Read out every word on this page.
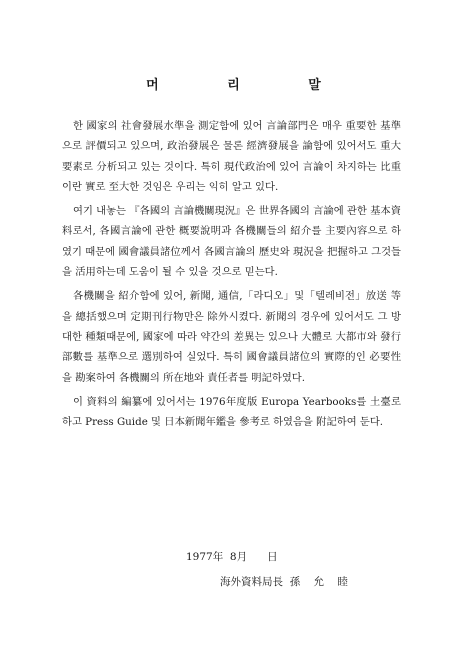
머 리 말

한 國家의 社會發展水準을 測定함에 있어 言論部門은 매우 重要한 基準으로 評價되고 있으며, 政治發展은 물론 經濟發展을 論함에 있어서도 重大要素로 分析되고 있는 것이다. 특히 現代政治에 있어 言論이 차지하는 比重이란 實로 至大한 것임은 우리는 익히 알고 있다.

여기 내놓는 『各國의 言論機關現況』은 世界各國의 言論에 관한 基本資料로서, 各國言論에 관한 概要說明과 各機關들의 紹介를 主要內容으로 하였기 때문에 國會議員諸位께서 各國言論의 歷史와 現況을 把握하고 그것들을 活用하는데 도움이 될 수 있을 것으로 믿는다.

各機關을 紹介함에 있어, 新聞, 通信,「라디오」및「텔레비전」放送 等을 總括했으며 定期刊行物만은 除外시켰다. 新聞의 경우에 있어서도 그 방대한 種類때문에, 國家에 따라 약간의 差異는 있으나 大體로 大都市와 發行部數를 基準으로 選別하여 실었다. 특히 國會議員諸位의 實際的인 必要性을 勘案하여 各機關의 所在地와 責任者를 明記하였다.

이 資料의 編纂에 있어서는 1976年度版 Europa Yearbooks를 土臺로 하고 Press Guide 및 日本新聞年鑑을 參考로 하였음을 附記하여 둔다.

1977年  8月      日

海外資料局長  孫    允    睦
